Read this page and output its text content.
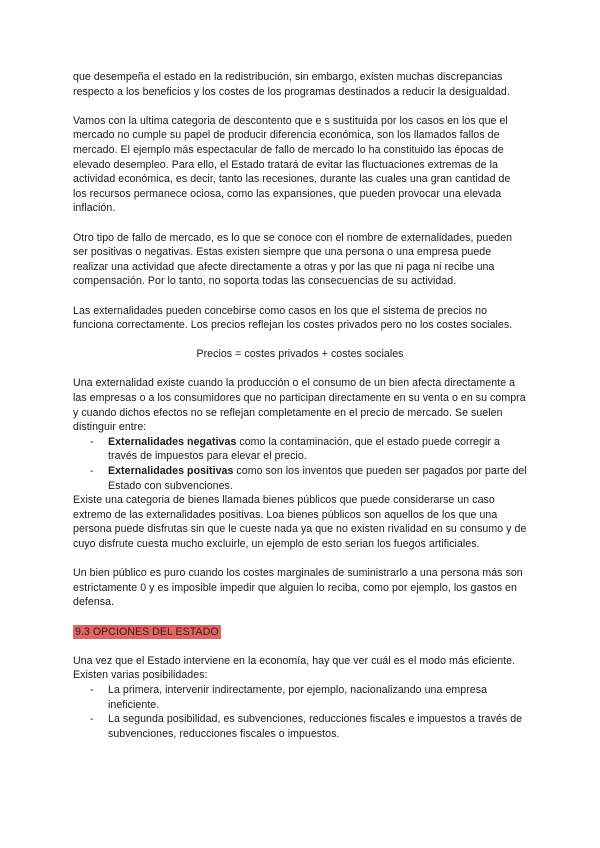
que desempeña el estado en la redistribución, sin embargo, existen muchas discrepancias respecto a los beneficios y los costes de los programas destinados a reducir la desigualdad.

Vamos con la ultima categoria de descontento que e s sustituida por los casos en los que el mercado no cumple su papel de producir diferencia económica, son los llamados fallos de mercado. El ejemplo más espectacular de fallo de mercado lo ha constituido las épocas de elevado desempleo. Para ello, el Estado tratará de evitar las fluctuaciones extremas de la actividad económica, es decir, tanto las recesiones, durante las cuales una gran cantidad de los recursos permanece ociosa, como las expansiones, que pueden provocar una elevada inflación.

Otro tipo de fallo de mercado, es lo que se conoce con el nombre de externalidades, pueden ser positivas o negativas. Estas existen siempre que una persona o una empresa puede realizar una actividad que afecte directamente a otras y por las que ni paga ni recibe una compensación. Por lo tanto, no soporta todas las consecuencias de su actividad.

Las externalidades pueden concebirse como casos en los que el sistema de precios no funciona correctamente. Los precios reflejan los costes privados pero no los costes sociales.

Precios = costes privados + costes sociales

Una externalidad existe cuando la producción o el consumo de un bien afecta directamente a las empresas o a los consumidores que no participan directamente en su venta o en su compra y cuando dichos efectos no se reflejan completamente en el precio de mercado. Se suelen distinguir entre:

- Externalidades negativas como la contaminación, que el estado puede corregir a través de impuestos para elevar el precio.
- Externalidades positivas como son los inventos que pueden ser pagados por parte del Estado con subvenciones.

Existe una categoria de bienes llamada bienes públicos que puede considerarse un caso extremo de las externalidades positivas. Loa bienes públicos son aquellos de los que una persona puede disfrutas sin que le cueste nada ya que no existen rivalidad en su consumo y de cuyo disfrute cuesta mucho excluirle, un ejemplo de esto serian los fuegos artificiales.

Un bien público es puro cuando los costes marginales de suministrarlo a una persona más son estrictamente 0 y es imposible impedir que alguien lo reciba, como por ejemplo, los gastos en defensa.

9.3 OPCIONES DEL ESTADO

Una vez que el Estado interviene en la economía, hay que ver cuál es el modo más eficiente. Existen varias posibilidades:

- La primera, intervenir indirectamente, por ejemplo, nacionalizando una empresa ineficiente.
- La segunda posibilidad, es subvenciones, reducciones fiscales e impuestos a través de subvenciones, reducciones fiscales o impuestos.
